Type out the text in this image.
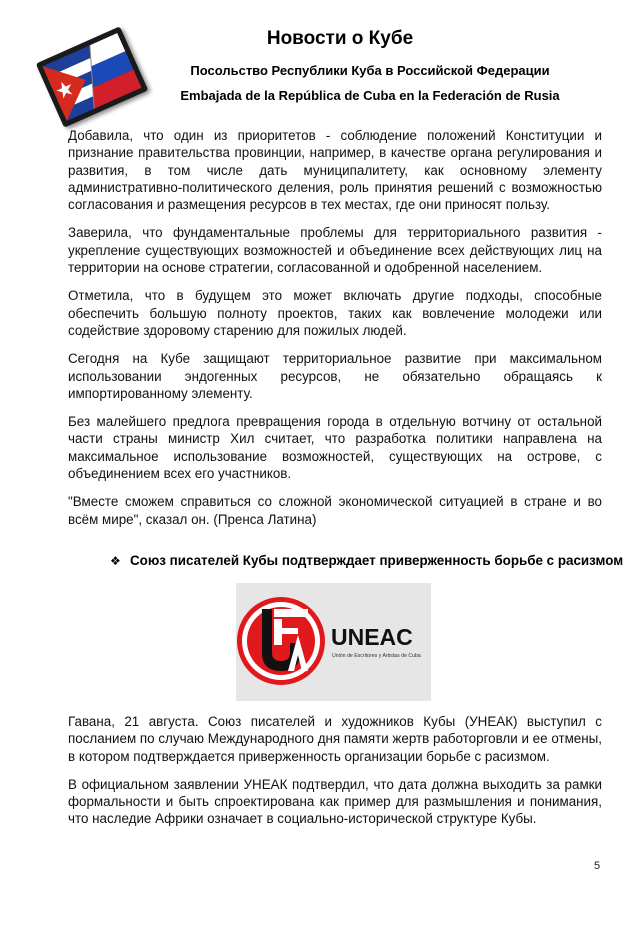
Новости о Кубе
Посольство Республики Куба в Российской Федерации
Embajada de la República de Cuba en la Federación de Rusia

Добавила, что один из приоритетов - соблюдение положений Конституции и признание правительства провинции, например, в качестве органа регулирования и развития, в том числе дать муниципалитету, как основному элементу административно-политического деления, роль принятия решений с возможностью согласования и размещения ресурсов в тех местах, где они приносят пользу.

Заверила, что фундаментальные проблемы для территориального развития - укрепление существующих возможностей и объединение всех действующих лиц на территории на основе стратегии, согласованной и одобренной населением.

Отметила, что в будущем это может включать другие подходы, способные обеспечить большую полноту проектов, таких как вовлечение молодежи или содействие здоровому старению для пожилых людей.

Сегодня на Кубе защищают территориальное развитие при максимальном использовании эндогенных ресурсов, не обязательно обращаясь к импортированному элементу.

Без малейшего предлога превращения города в отдельную вотчину от остальной части страны министр Хил считает, что разработка политики направлена на максимальное использование возможностей, существующих на острове, с объединением всех его участников.

"Вместе сможем справиться со сложной экономической ситуацией в стране и во всём мире", сказал он. (Пренса Латина)

❖ Союз писателей Кубы подтверждает приверженность борьбе с расизмом
UNEAC
Unión de Escritores y Artistas de Cuba

Гавана, 21 августа. Союз писателей и художников Кубы (УНЕАК) выступил с посланием по случаю Международного дня памяти жертв работорговли и ее отмены, в котором подтверждается приверженность организации борьбе с расизмом.

В официальном заявлении УНЕАК подтвердил, что дата должна выходить за рамки формальности и быть спроектирована как пример для размышления и понимания, что наследие Африки означает в социально-исторической структуре Кубы.

5
